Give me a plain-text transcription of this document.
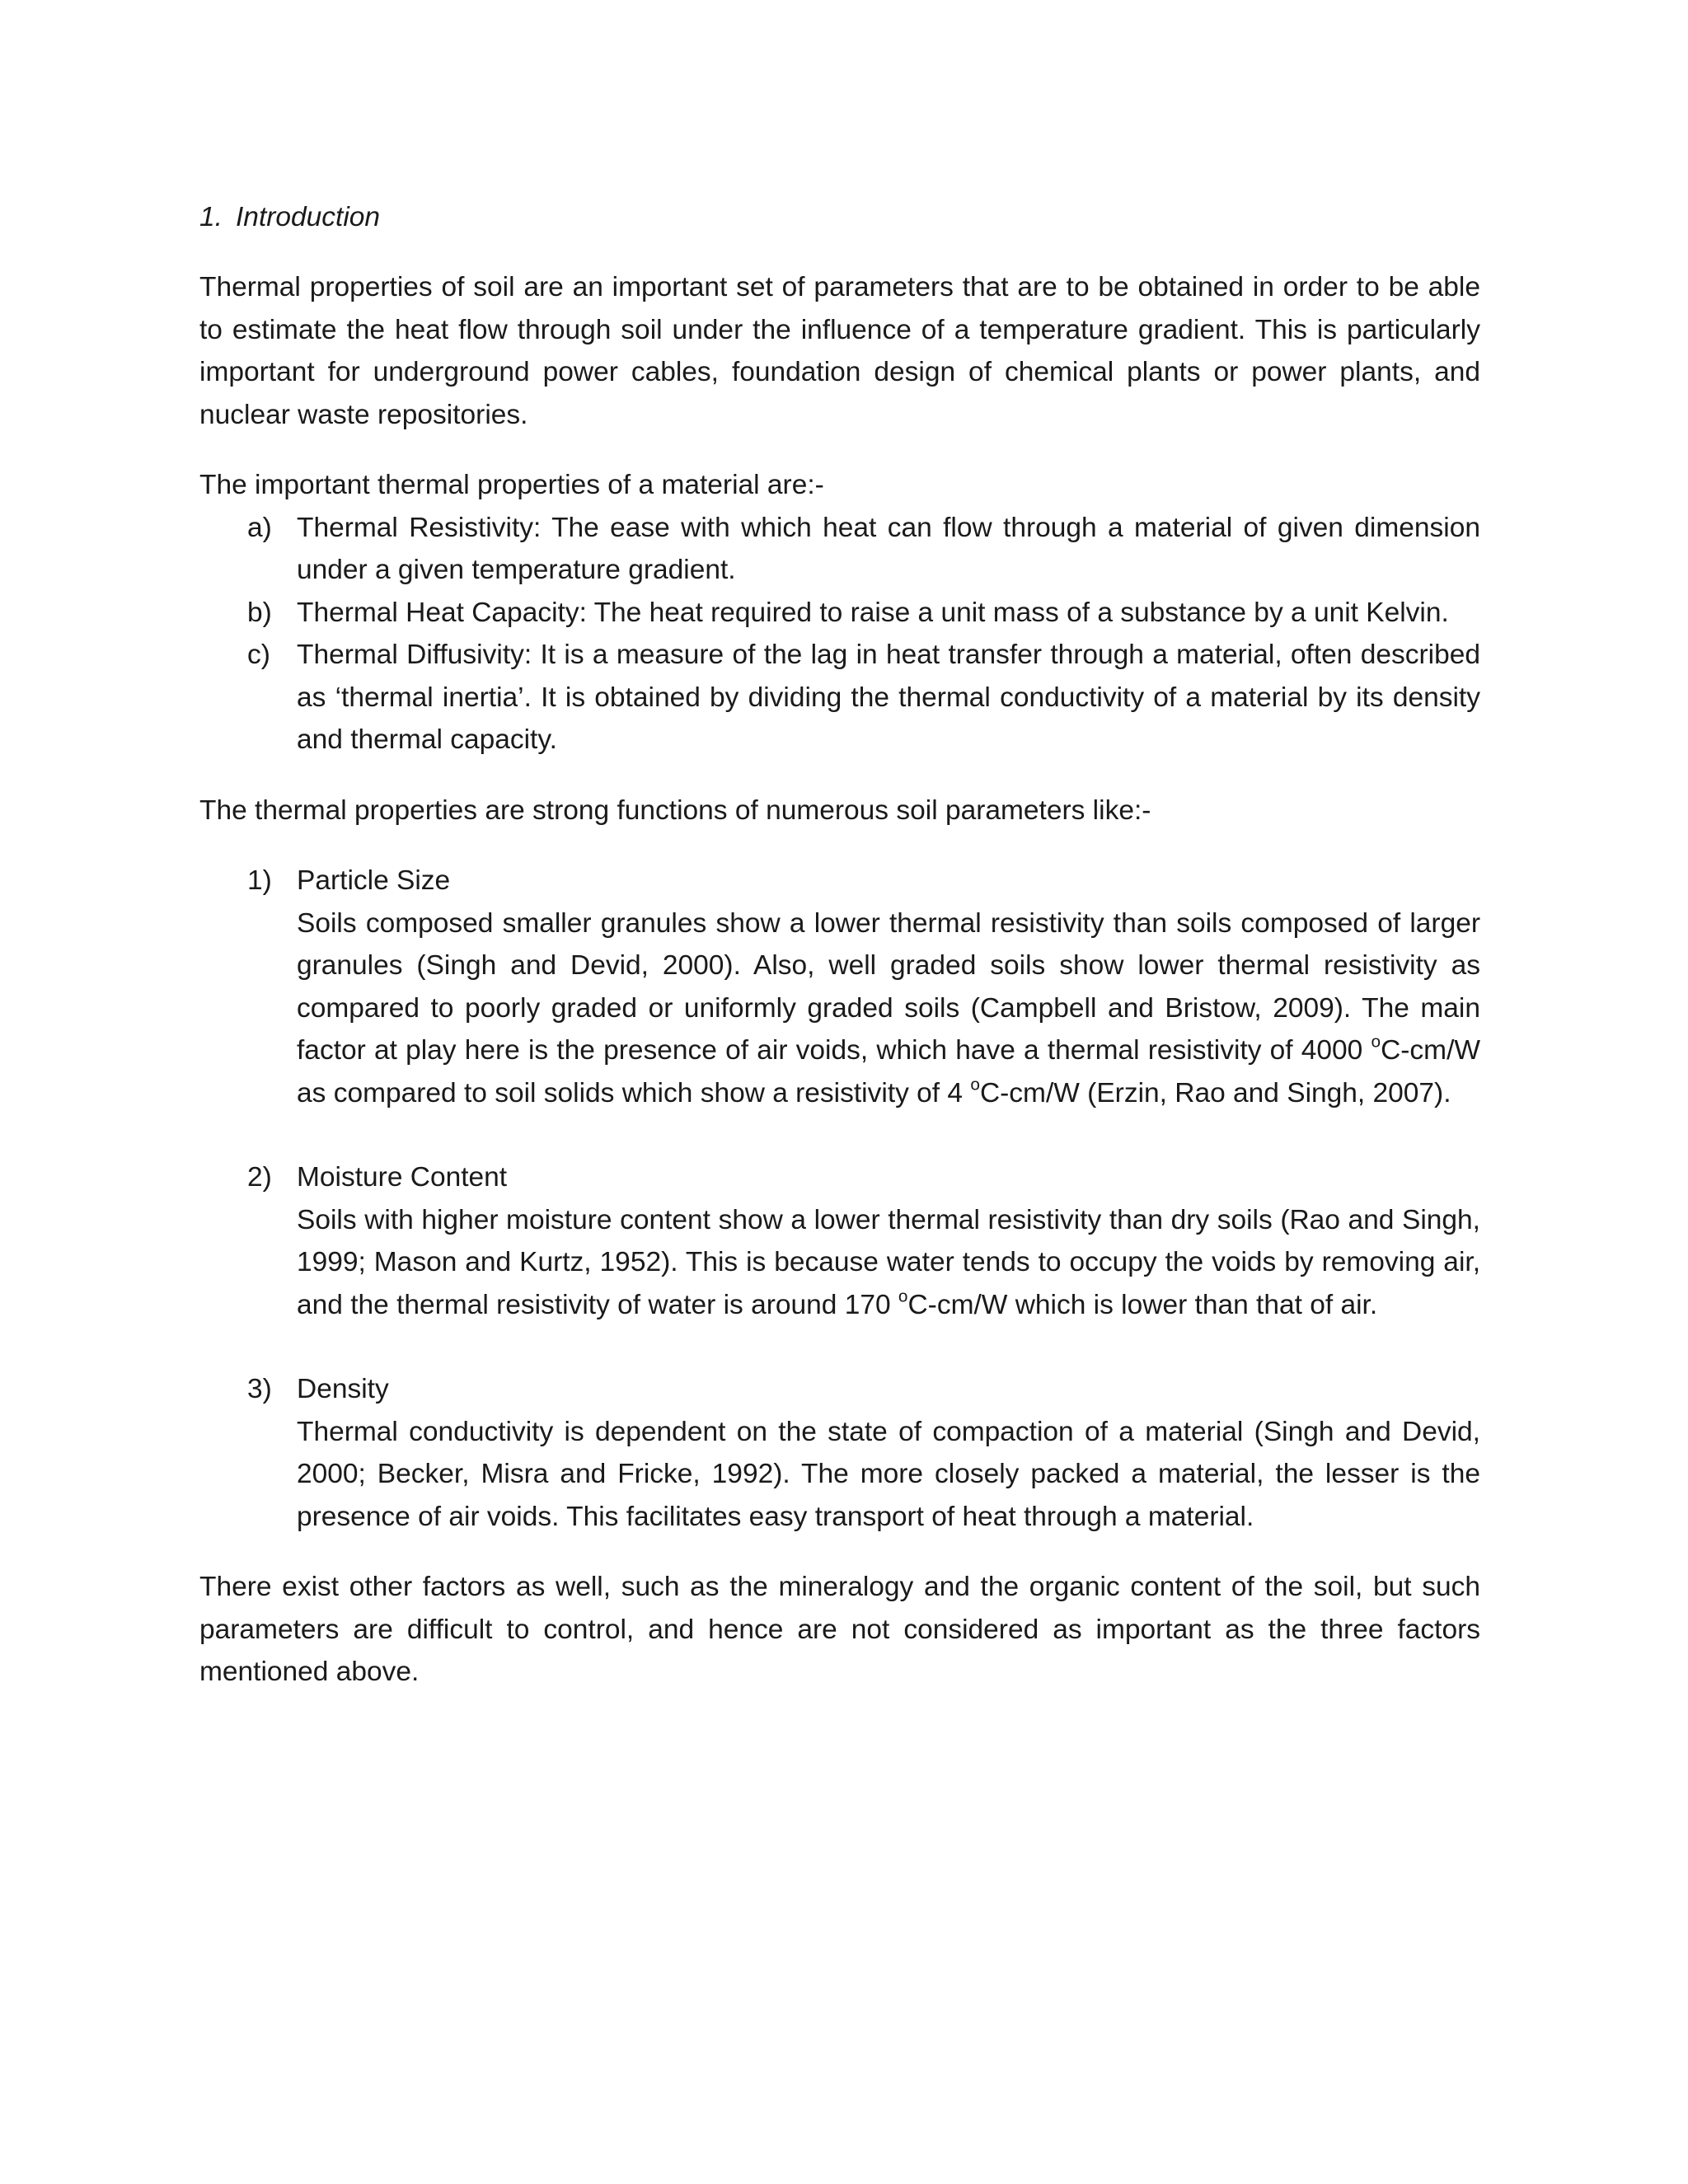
1. Introduction

Thermal properties of soil are an important set of parameters that are to be obtained in order to be able to estimate the heat flow through soil under the influence of a temperature gradient. This is particularly important for underground power cables, foundation design of chemical plants or power plants, and nuclear waste repositories.

The important thermal properties of a material are:-

a) Thermal Resistivity: The ease with which heat can flow through a material of given dimension under a given temperature gradient.
b) Thermal Heat Capacity: The heat required to raise a unit mass of a substance by a unit Kelvin.
c) Thermal Diffusivity: It is a measure of the lag in heat transfer through a material, often described as ‘thermal inertia’. It is obtained by dividing the thermal conductivity of a material by its density and thermal capacity.

The thermal properties are strong functions of numerous soil parameters like:-

1) Particle Size
Soils composed smaller granules show a lower thermal resistivity than soils composed of larger granules (Singh and Devid, 2000). Also, well graded soils show lower thermal resistivity as compared to poorly graded or uniformly graded soils (Campbell and Bristow, 2009). The main factor at play here is the presence of air voids, which have a thermal resistivity of 4000 $^o$C-cm/W as compared to soil solids which show a resistivity of 4 $^o$C-cm/W (Erzin, Rao and Singh, 2007).
2) Moisture Content
Soils with higher moisture content show a lower thermal resistivity than dry soils (Rao and Singh, 1999; Mason and Kurtz, 1952). This is because water tends to occupy the voids by removing air, and the thermal resistivity of water is around 170 $^o$C-cm/W which is lower than that of air.
3) Density
Thermal conductivity is dependent on the state of compaction of a material (Singh and Devid, 2000; Becker, Misra and Fricke, 1992). The more closely packed a material, the lesser is the presence of air voids. This facilitates easy transport of heat through a material.

There exist other factors as well, such as the mineralogy and the organic content of the soil, but such parameters are difficult to control, and hence are not considered as important as the three factors mentioned above.
